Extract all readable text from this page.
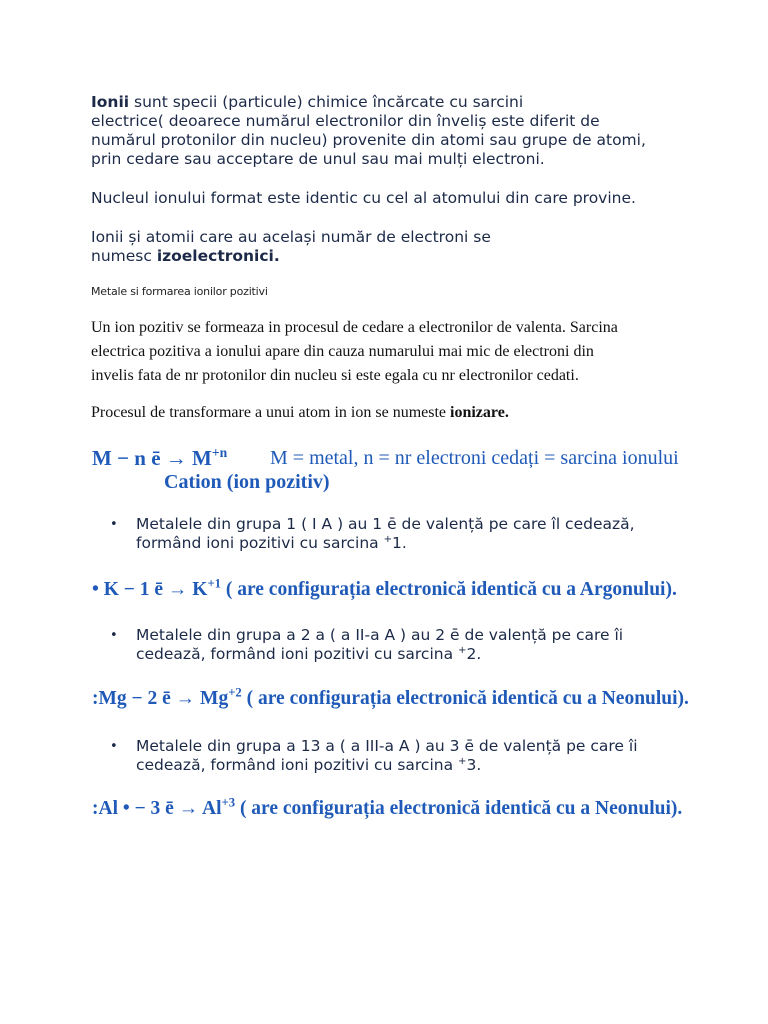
Ionii sunt specii (particule) chimice încărcate cu sarcini
electrice( deoarece numărul electronilor din înveliș este diferit de
numărul protonilor din nucleu) provenite din atomi sau grupe de atomi,
prin cedare sau acceptare de unul sau mai mulți electroni.
Nucleul ionului format este identic cu cel al atomului din care provine.
Ionii și atomii care au același număr de electroni se
numesc izoelectronici.
Metale si formarea ionilor pozitivi
Un ion pozitiv se formeaza in procesul de cedare a electronilor de valenta. Sarcina
electrica pozitiva a ionului apare din cauza numarului mai mic de electroni din
invelis fata de nr protonilor din nucleu si este egala cu nr electronilor cedati.
Procesul de transformare a unui atom in ion se numeste ionizare.
M − n ē → $M^{+n}$ M = metal, n = nr electroni cedați = sarcina ionului
Cation (ion pozitiv)
• Metalele din grupa 1 ( I A ) au 1 ē de valență pe care îl cedează,
formând ioni pozitivi cu sarcina +1.
• K − 1 ē → $K^{+1}$ ( are configurația electronică identică cu a Argonului).
• Metalele din grupa a 2 a ( a II-a A ) au 2 ē de valență pe care îi
cedează, formând ioni pozitivi cu sarcina +2.
:Mg − 2 ē → $Mg^{+2}$ ( are configurația electronică identică cu a Neonului).
• Metalele din grupa a 13 a ( a III-a A ) au 3 ē de valență pe care îi
cedează, formând ioni pozitivi cu sarcina +3.
:Al • − 3 ē → $Al^{+3}$ ( are configurația electronică identică cu a Neonului).
